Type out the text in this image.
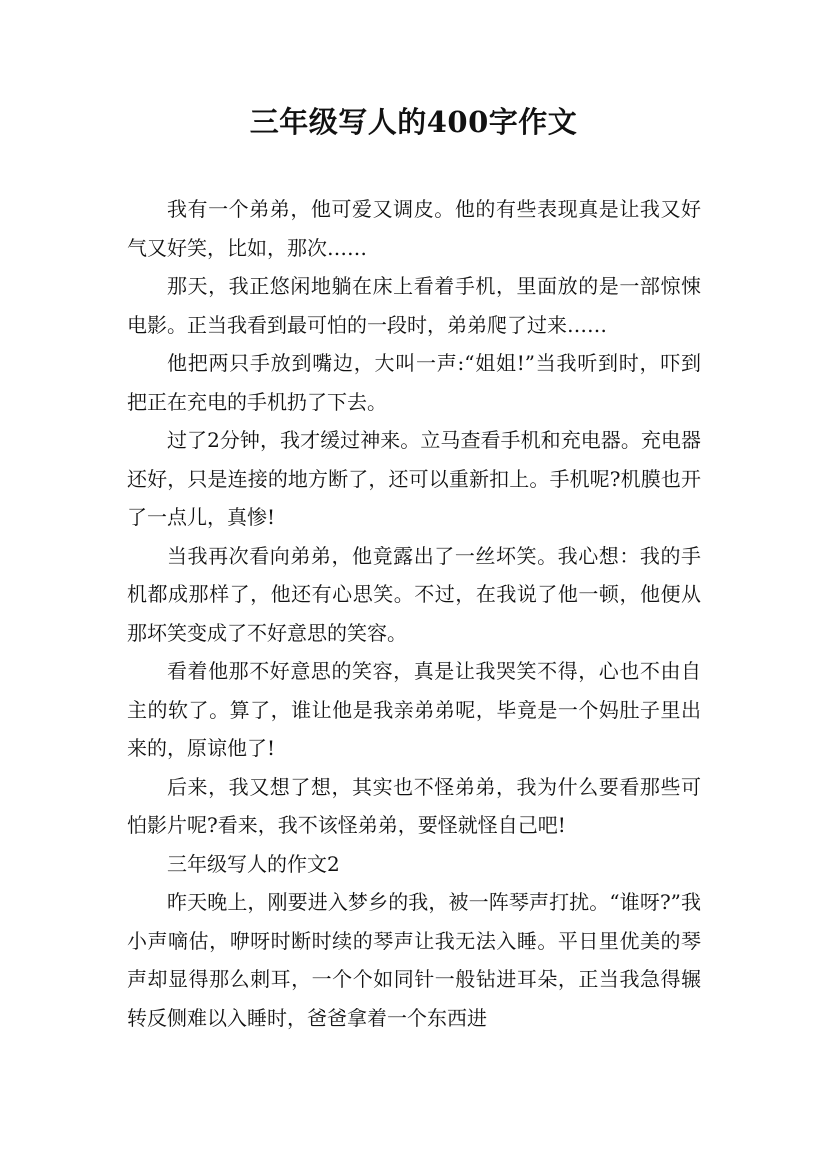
三年级写人的400字作文

我有一个弟弟，他可爱又调皮。他的有些表现真是让我又好气又好笑，比如，那次……

那天，我正悠闲地躺在床上看着手机，里面放的是一部惊悚电影。正当我看到最可怕的一段时，弟弟爬了过来……

他把两只手放到嘴边，大叫一声:“姐姐!”当我听到时，吓到把正在充电的手机扔了下去。

过了2分钟，我才缓过神来。立马查看手机和充电器。充电器还好，只是连接的地方断了，还可以重新扣上。手机呢?机膜也开了一点儿，真惨!

当我再次看向弟弟，他竟露出了一丝坏笑。我心想：我的手机都成那样了，他还有心思笑。不过，在我说了他一顿，他便从那坏笑变成了不好意思的笑容。

看着他那不好意思的笑容，真是让我哭笑不得，心也不由自主的软了。算了，谁让他是我亲弟弟呢，毕竟是一个妈肚子里出来的，原谅他了!

后来，我又想了想，其实也不怪弟弟，我为什么要看那些可怕影片呢?看来，我不该怪弟弟，要怪就怪自己吧!

三年级写人的作文2

昨天晚上，刚要进入梦乡的我，被一阵琴声打扰。“谁呀?”我小声嘀估，咿呀时断时续的琴声让我无法入睡。平日里优美的琴声却显得那么刺耳，一个个如同针一般钻进耳朵，正当我急得辗转反侧难以入睡时，爸爸拿着一个东西进
